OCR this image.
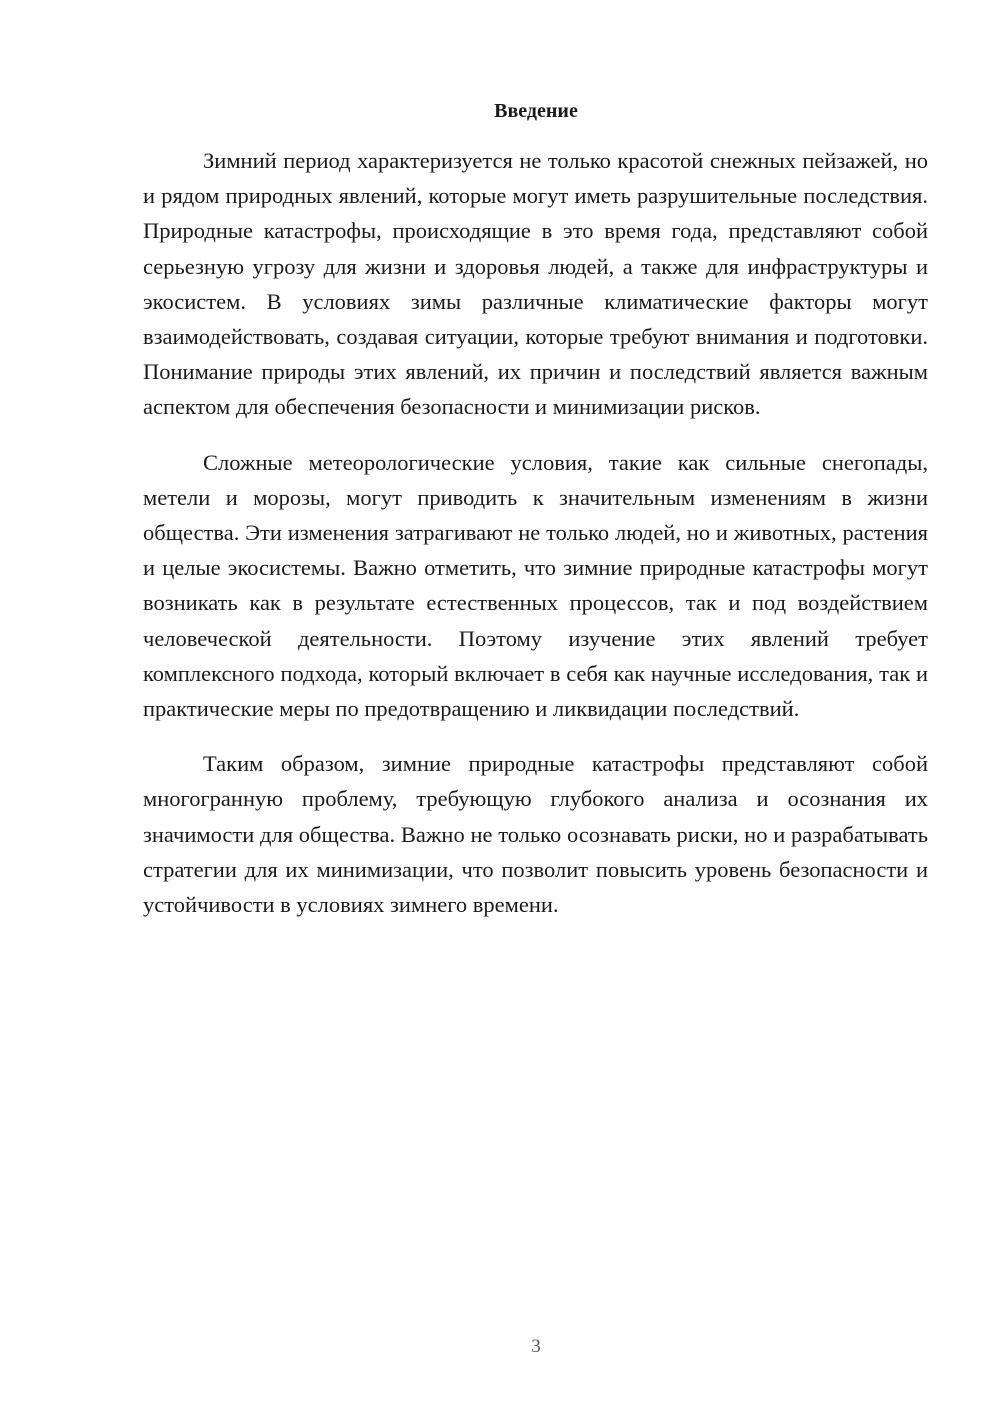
Введение

Зимний период характеризуется не только красотой снежных пейзажей, но и рядом природных явлений, которые могут иметь разрушительные последствия. Природные катастрофы, происходящие в это время года, представляют собой серьезную угрозу для жизни и здоровья людей, а также для инфраструктуры и экосистем. В условиях зимы различные климатические факторы могут взаимодействовать, создавая ситуации, которые требуют внимания и подготовки. Понимание природы этих явлений, их причин и последствий является важным аспектом для обеспечения безопасности и минимизации рисков.

Сложные метеорологические условия, такие как сильные снегопады, метели и морозы, могут приводить к значительным изменениям в жизни общества. Эти изменения затрагивают не только людей, но и животных, растения и целые экосистемы. Важно отметить, что зимние природные катастрофы могут возникать как в результате естественных процессов, так и под воздействием человеческой деятельности. Поэтому изучение этих явлений требует комплексного подхода, который включает в себя как научные исследования, так и практические меры по предотвращению и ликвидации последствий.

Таким образом, зимние природные катастрофы представляют собой многогранную проблему, требующую глубокого анализа и осознания их значимости для общества. Важно не только осознавать риски, но и разрабатывать стратегии для их минимизации, что позволит повысить уровень безопасности и устойчивости в условиях зимнего времени.

3
